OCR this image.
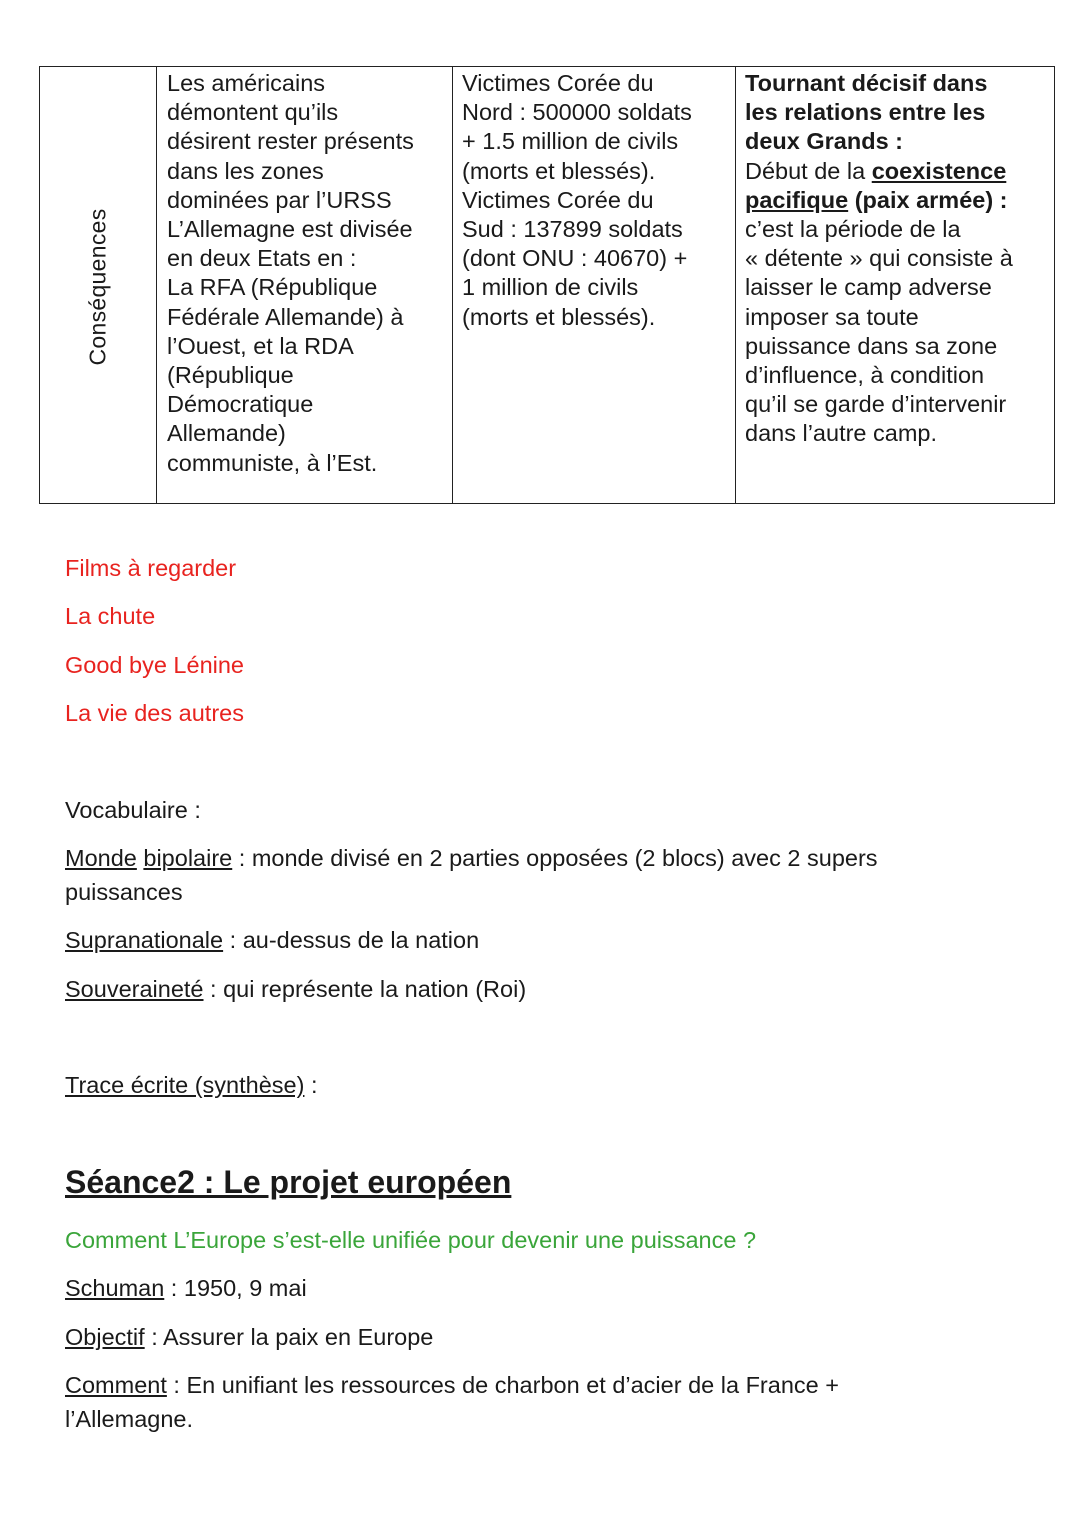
Conséquences
Les américains
démontent qu’ils
désirent rester présents
dans les zones
dominées par l’URSS
L’Allemagne est divisée
en deux Etats en :
La RFA (République
Fédérale Allemande) à
l’Ouest, et la RDA
(République
Démocratique
Allemande)
communiste, à l’Est.
Victimes Corée du
Nord : 500000 soldats
+ 1.5 million de civils
(morts et blessés).
Victimes Corée du
Sud : 137899 soldats
(dont ONU : 40670) +
1 million de civils
(morts et blessés).
Tournant décisif dans
les relations entre les
deux Grands :
Début de la coexistence
pacifique (paix armée) :
c’est la période de la
« détente » qui consiste à
laisser le camp adverse
imposer sa toute
puissance dans sa zone
d’influence, à condition
qu’il se garde d’intervenir
dans l’autre camp.
Films à regarder
La chute
Good bye Lénine
La vie des autres
Vocabulaire :
Monde bipolaire : monde divisé en 2 parties opposées (2 blocs) avec 2 supers
puissances
Supranationale : au-dessus de la nation
Souveraineté : qui représente la nation (Roi)
Trace écrite (synthèse) :
Séance2 : Le projet européen
Comment L’Europe s’est-elle unifiée pour devenir une puissance ?
Schuman : 1950, 9 mai
Objectif : Assurer la paix en Europe
Comment : En unifiant les ressources de charbon et d’acier de la France +
l’Allemagne.
